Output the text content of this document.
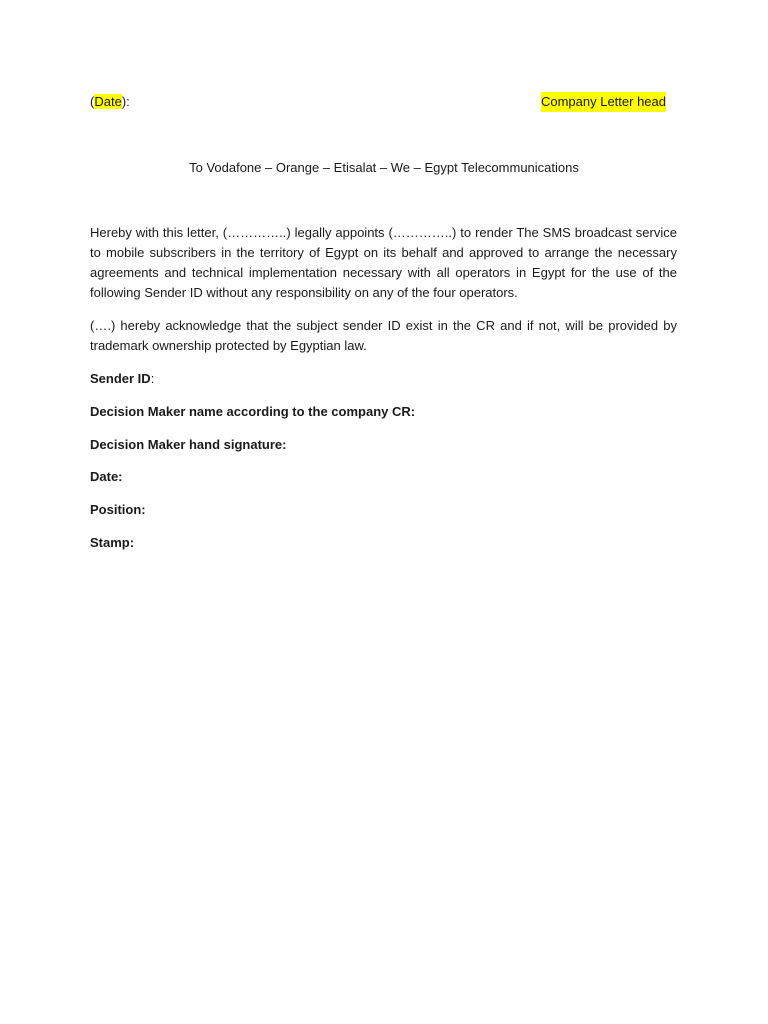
(Date):	Company Letter head
To Vodafone – Orange – Etisalat – We – Egypt Telecommunications

Hereby with this letter, (…………..) legally appoints (…………..) to render The SMS broadcast service to mobile subscribers in the territory of Egypt on its behalf and approved to arrange the necessary agreements and technical implementation necessary with all operators in Egypt for the use of the following Sender ID without any responsibility on any of the four operators.

(….) hereby acknowledge that the subject sender ID exist in the CR and if not, will be provided by trademark ownership protected by Egyptian law.

Sender ID:
Decision Maker name according to the company CR:
Decision Maker hand signature:
Date:
Position:
Stamp:
